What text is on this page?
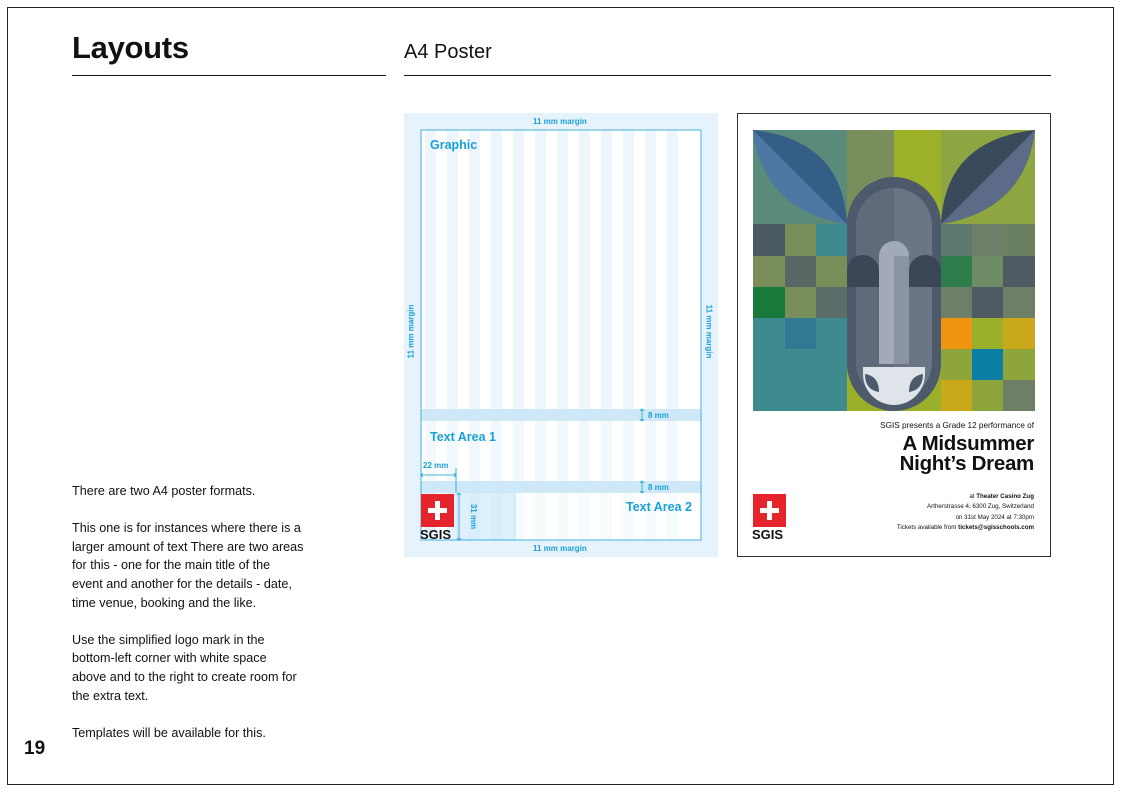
Layouts	A4 Poster

There are two A4 poster formats.

This one is for instances where there is a larger amount of text There are two areas for this - one for the main title of the event and another for the details - date, time venue, booking and the like.

Use the simplified logo mark in the bottom-left corner with white space above and to the right to create room for the extra text.

Templates will be available for this.

19
11 mm margin
11 mm margin
11 mm margin	11 mm margin
Graphic
Text Area 1
Text Area 2
8 mm
8 mm
22 mm
31 mm
SGIS
SGIS presents a Grade 12 performance of
A Midsummer
Night’s Dream
at Theater Casino Zug
Artherstrasse 4, 6300 Zug, Switzerland
on 31st May 2024 at 7:30pm
Tickets available from tickets@sgisschools.com
SGIS
